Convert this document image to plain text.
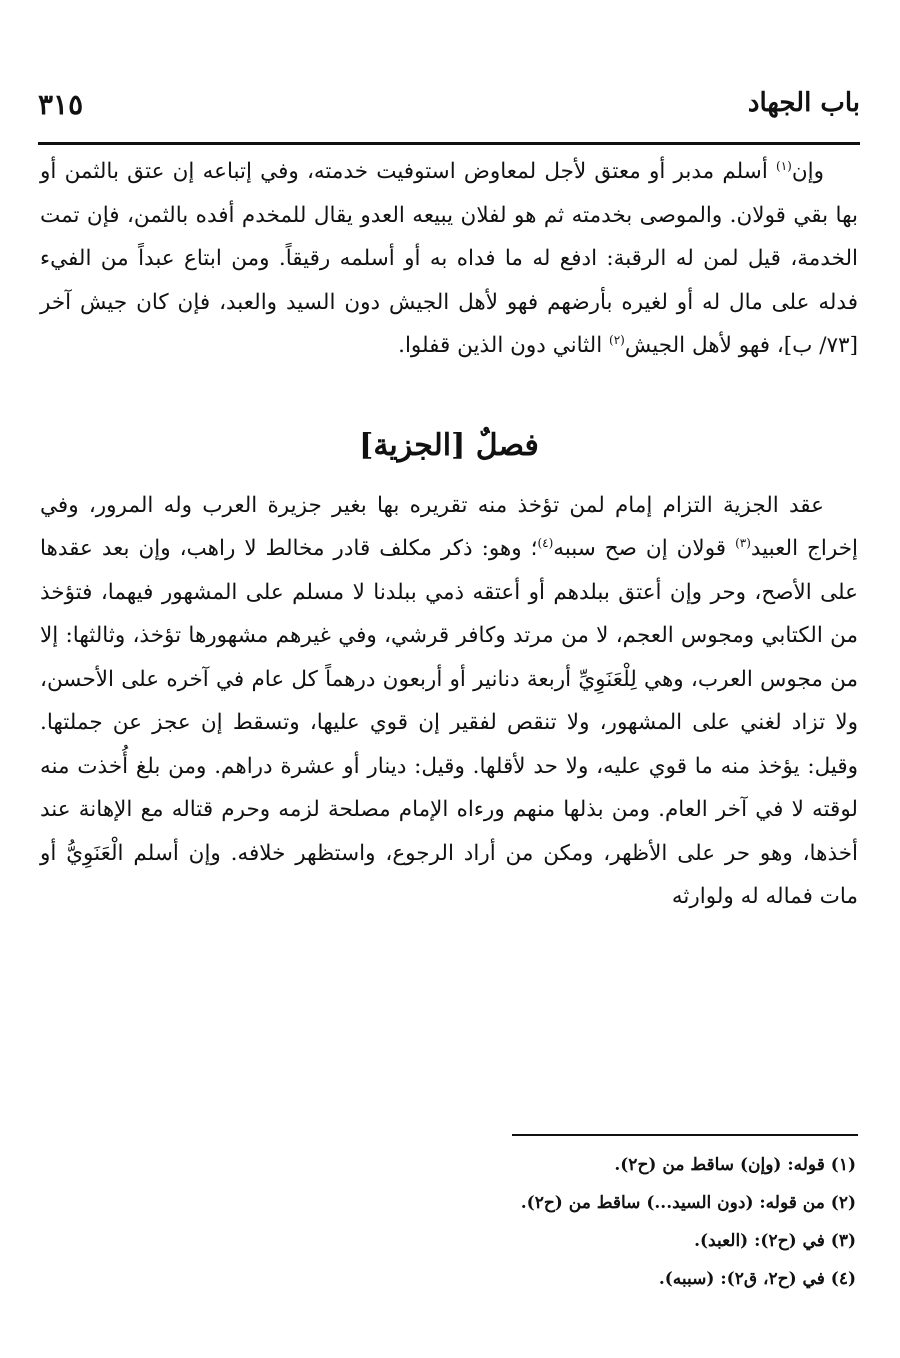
باب الجهاد
٣١٥

وإن$^{(١)}$ أسلم مدبر أو معتق لأجل لمعاوض استوفيت خدمته، وفي إتباعه إن عتق بالثمن أو بها بقي قولان. والموصى بخدمته ثم هو لفلان يبيعه العدو يقال للمخدم أفده بالثمن، فإن تمت الخدمة، قيل لمن له الرقبة: ادفع له ما فداه به أو أسلمه رقيقاً. ومن ابتاع عبداً من الفيء فدله على مال له أو لغيره بأرضهم فهو لأهل الجيش دون السيد والعبد، فإن كان جيش آخر [٧٣/ ب]، فهو لأهل الجيش$^{(٢)}$ الثاني دون الذين قفلوا.

فصلٌ [الجزية]

عقد الجزية التزام إمام لمن تؤخذ منه تقريره بها بغير جزيرة العرب وله المرور، وفي إخراج العبيد$^{(٣)}$ قولان إن صح سببه$^{(٤)}$؛ وهو: ذكر مكلف قادر مخالط لا راهب، وإن بعد عقدها على الأصح، وحر وإن أعتق ببلدهم أو أعتقه ذمي ببلدنا لا مسلم على المشهور فيهما، فتؤخذ من الكتابي ومجوس العجم، لا من مرتد وكافر قرشي، وفي غيرهم مشهورها تؤخذ، وثالثها: إلا من مجوس العرب، وهي لِلْعَنَوِيِّ أربعة دنانير أو أربعون درهماً كل عام في آخره على الأحسن، ولا تزاد لغني على المشهور، ولا تنقص لفقير إن قوي عليها، وتسقط إن عجز عن جملتها. وقيل: يؤخذ منه ما قوي عليه، ولا حد لأقلها. وقيل: دينار أو عشرة دراهم. ومن بلغ أُخذت منه لوقته لا في آخر العام. ومن بذلها منهم ورءاه الإمام مصلحة لزمه وحرم قتاله مع الإهانة عند أخذها، وهو حر على الأظهر، ومكن من أراد الرجوع، واستظهر خلافه. وإن أسلم الْعَنَوِيُّ أو مات فماله له ولوارثه

(١) قوله: (وإن) ساقط من (ح٢).

(٢) من قوله: (دون السيد...) ساقط من (ح٢).

(٣) في (ح٢): (العبد).

(٤) في (ح٢، ق٢): (سببه).
